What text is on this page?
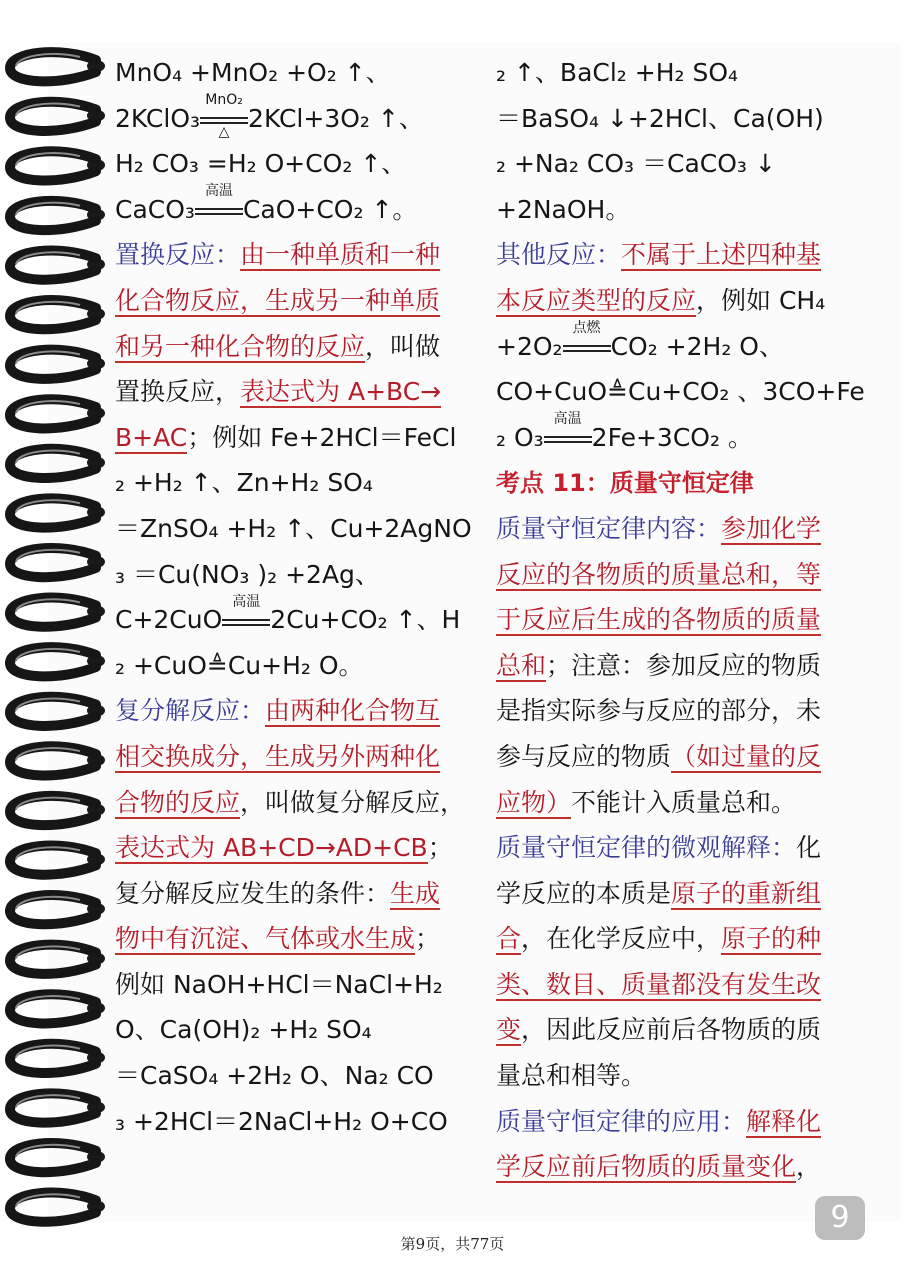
MnO₄ +MnO₂ +O₂ ↑、
2KClO₃
MnO₂
△ 2KCl+3O₂ ↑、
H₂ CO₃ =H₂ O+CO₂ ↑、
CaCO₃
高温
CaO+CO₂ ↑。
置换反应：由一种单质和一种
化合物反应，生成另一种单质
和另一种化合物的反应，叫做
置换反应，表达式为 A+BC→
B+AC；例如 Fe+2HCl＝FeCl
₂ +H₂ ↑、Zn+H₂ SO₄
＝ZnSO₄ +H₂ ↑、Cu+2AgNO
₃ ＝Cu(NO₃ )₂ +2Ag、
C+2CuO
高温
2Cu+CO₂ ↑、H
₂ +CuO≜Cu+H₂ O。
复分解反应：由两种化合物互
相交换成分，生成另外两种化
合物的反应，叫做复分解反应，
表达式为 AB+CD→AD+CB；
复分解反应发生的条件：生成
物中有沉淀、气体或水生成；
例如 NaOH+HCl＝NaCl+H₂
O、Ca(OH)₂ +H₂ SO₄
＝CaSO₄ +2H₂ O、Na₂ CO
₃ +2HCl＝2NaCl+H₂ O+CO
₂ ↑、BaCl₂ +H₂ SO₄
＝BaSO₄ ↓+2HCl、Ca(OH)
₂ +Na₂ CO₃ ＝CaCO₃ ↓
+2NaOH。
其他反应：不属于上述四种基
本反应类型的反应，例如 CH₄
+2O₂
点燃
CO₂ +2H₂ O、
CO+CuO≜Cu+CO₂ 、3CO+Fe
₂ O₃
高温
2Fe+3CO₂ 。
考点 11：质量守恒定律
质量守恒定律内容：参加化学
反应的各物质的质量总和，等
于反应后生成的各物质的质量
总和；注意：参加反应的物质
是指实际参与反应的部分，未
参与反应的物质（如过量的反
应物）不能计入质量总和。
质量守恒定律的微观解释：化
学反应的本质是原子的重新组
合，在化学反应中，原子的种
类、数目、质量都没有发生改
变，因此反应前后各物质的质
量总和相等。
质量守恒定律的应用：解释化
学反应前后物质的质量变化，
9
第9页，共77页
